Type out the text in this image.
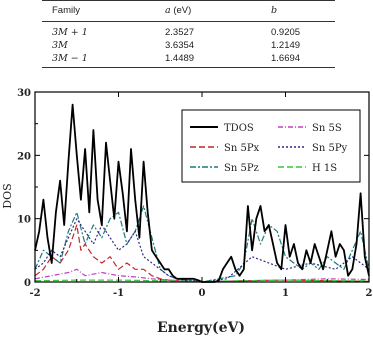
Family	a (eV)	b
3M + 1	2.3527	0.9205
3M	3.6354	1.2149
3M − 1	1.4489	1.6694
-2	-1	0	1	2
0
10
20
30
TDOS	Sn 5S
Sn 5Px	Sn 5Py
Sn 5Pz	H 1S
Energy(eV)
DOS
